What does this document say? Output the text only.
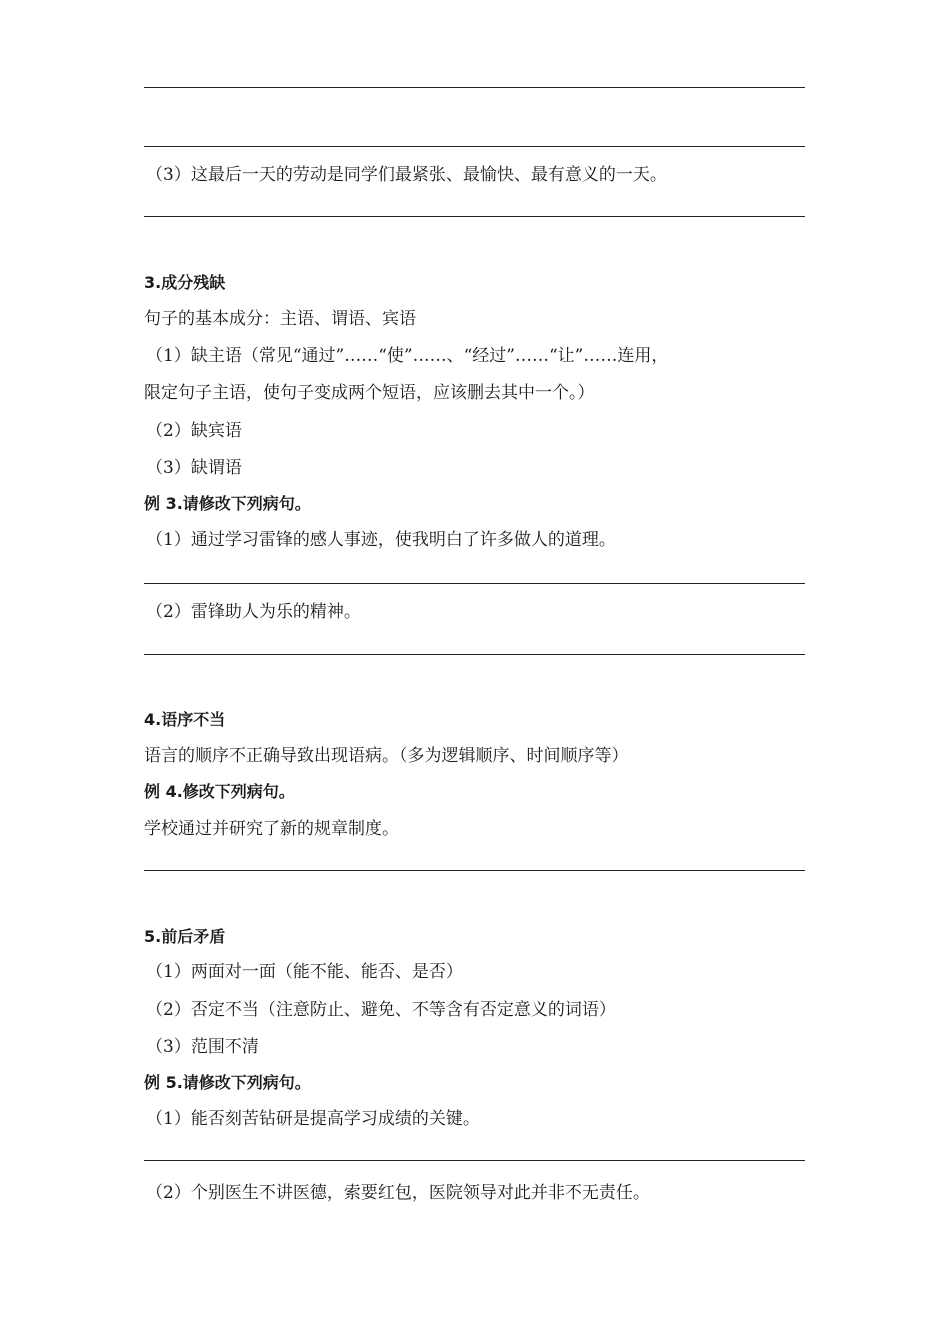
（3）这最后一天的劳动是同学们最紧张、最愉快、最有意义的一天。
3.成分残缺
句子的基本成分：主语、谓语、宾语
（1）缺主语（常见“通过”……“使”……、“经过”……“让”……连用，
限定句子主语，使句子变成两个短语，应该删去其中一个。）
（2）缺宾语
（3）缺谓语
例 3.请修改下列病句。
（1）通过学习雷锋的感人事迹，使我明白了许多做人的道理。
（2）雷锋助人为乐的精神。
4.语序不当
语言的顺序不正确导致出现语病。（多为逻辑顺序、时间顺序等）
例 4.修改下列病句。
学校通过并研究了新的规章制度。
5.前后矛盾
（1）两面对一面（能不能、能否、是否）
（2）否定不当（注意防止、避免、不等含有否定意义的词语）
（3）范围不清
例 5.请修改下列病句。
（1）能否刻苦钻研是提高学习成绩的关键。
（2）个别医生不讲医德，索要红包，医院领导对此并非不无责任。
